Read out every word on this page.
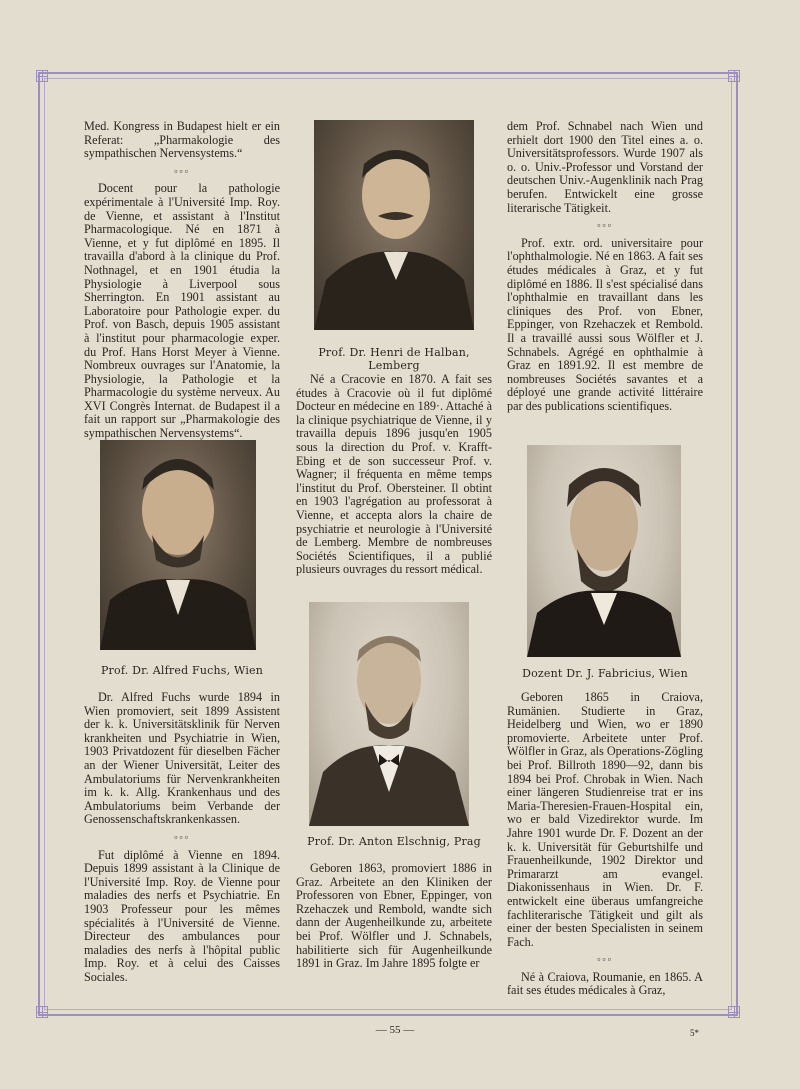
Med. Kongress in Budapest hielt er ein Referat: „Pharmakologie des sympathischen Nervensystems.“

▫▫▫

Docent pour la pathologie expérimentale à l'Université Imp. Roy. de Vienne, et assistant à l'Institut Pharmacologique. Né en 1871 à Vienne, et y fut diplômé en 1895. Il travailla d'abord à la clinique du Prof. Nothnagel, et en 1901 étudia la Physiologie à Liverpool sous Sherrington. En 1901 assistant au Laboratoire pour Pathologie exper. du Prof. von Basch, depuis 1905 assistant à l'institut pour pharmacologie exper. du Prof. Hans Horst Meyer à Vienne. Nombreux ouvrages sur l'Anatomie, la Physiologie, la Pathologie et la Pharmacologie du système nerveux. Au XVI Congrès Internat. de Budapest il a fait un rapport sur „Pharmakologie des sympathischen Nervensystems“.

Prof. Dr. Alfred Fuchs, Wien

Dr. Alfred Fuchs wurde 1894 in Wien promoviert, seit 1899 Assistent der k. k. Universitätsklinik für Nerven krankheiten und Psychiatrie in Wien, 1903 Privatdozent für dieselben Fächer an der Wiener Universität, Leiter des Ambulatoriums für Nervenkrankheiten im k. k. Allg. Krankenhaus und des Ambulatoriums beim Verbande der Genossenschaftskrankenkassen.

▫▫▫

Fut diplômé à Vienne en 1894. Depuis 1899 assistant à la Clinique de l'Université Imp. Roy. de Vienne pour maladies des nerfs et Psychiatrie. En 1903 Professeur pour les mêmes spécialités à l'Université de Vienne. Directeur des ambulances pour maladies des nerfs à l'hôpital public Imp. Roy. et à celui des Caisses Sociales.

Prof. Dr. Henri de Halban, Lemberg

Né a Cracovie en 1870. A fait ses études à Cracovie où il fut diplômé Docteur en médecine en 189·. Attaché à la clinique psychiatrique de Vienne, il y travailla depuis 1896 jusqu'en 1905 sous la direction du Prof. v. Krafft-Ebing et de son successeur Prof. v. Wagner; il fréquenta en même temps l'institut du Prof. Obersteiner. Il obtint en 1903 l'agrégation au professorat à Vienne, et accepta alors la chaire de psychiatrie et neurologie à l'Université de Lemberg. Membre de nombreuses Sociétés Scientifiques, il a publié plusieurs ouvrages du ressort médical.

Prof. Dr. Anton Elschnig, Prag

Geboren 1863, promoviert 1886 in Graz. Arbeitete an den Kliniken der Professoren von Ebner, Eppinger, von Rzehaczek und Rembold, wandte sich dann der Augenheilkunde zu, arbeitete bei Prof. Wölfler und J. Schnabels, habilitierte sich für Augenheilkunde 1891 in Graz. Im Jahre 1895 folgte er

dem Prof. Schnabel nach Wien und erhielt dort 1900 den Titel eines a. o. Universitätsprofessors. Wurde 1907 als o. o. Univ.-Professor und Vorstand der deutschen Univ.-Augenklinik nach Prag berufen. Entwickelt eine grosse literarische Tätigkeit.

▫▫▫

Prof. extr. ord. universitaire pour l'ophthalmologie. Né en 1863. A fait ses études médicales à Graz, et y fut diplômé en 1886. Il s'est spécialisé dans l'ophthalmie en travaillant dans les cliniques des Prof. von Ebner, Eppinger, von Rzehaczek et Rembold. Il a travaillé aussi sous Wölfler et J. Schnabels. Agrégé en ophthalmie à Graz en 1891.92. Il est membre de nombreuses Sociétés savantes et a déployé une grande activité littéraire par des publications scientifiques.

Dozent Dr. J. Fabricius, Wien

Geboren 1865 in Craiova, Rumänien. Studierte in Graz, Heidelberg und Wien, wo er 1890 promovierte. Arbeitete unter Prof. Wölfler in Graz, als Operations-Zögling bei Prof. Billroth 1890—92, dann bis 1894 bei Prof. Chrobak in Wien. Nach einer längeren Studienreise trat er ins Maria-Theresien-Frauen-Hospital ein, wo er bald Vizedirektor wurde. Im Jahre 1901 wurde Dr. F. Dozent an der k. k. Universität für Geburtshilfe und Frauenheilkunde, 1902 Direktor und Primararzt am evangel. Diakonissenhaus in Wien. Dr. F. entwickelt eine überaus umfangreiche fachliterarische Tätigkeit und gilt als einer der besten Specialisten in seinem Fach.

▫▫▫

Né à Craiova, Roumanie, en 1865. A fait ses études médicales à Graz,

— 55 —	5*
